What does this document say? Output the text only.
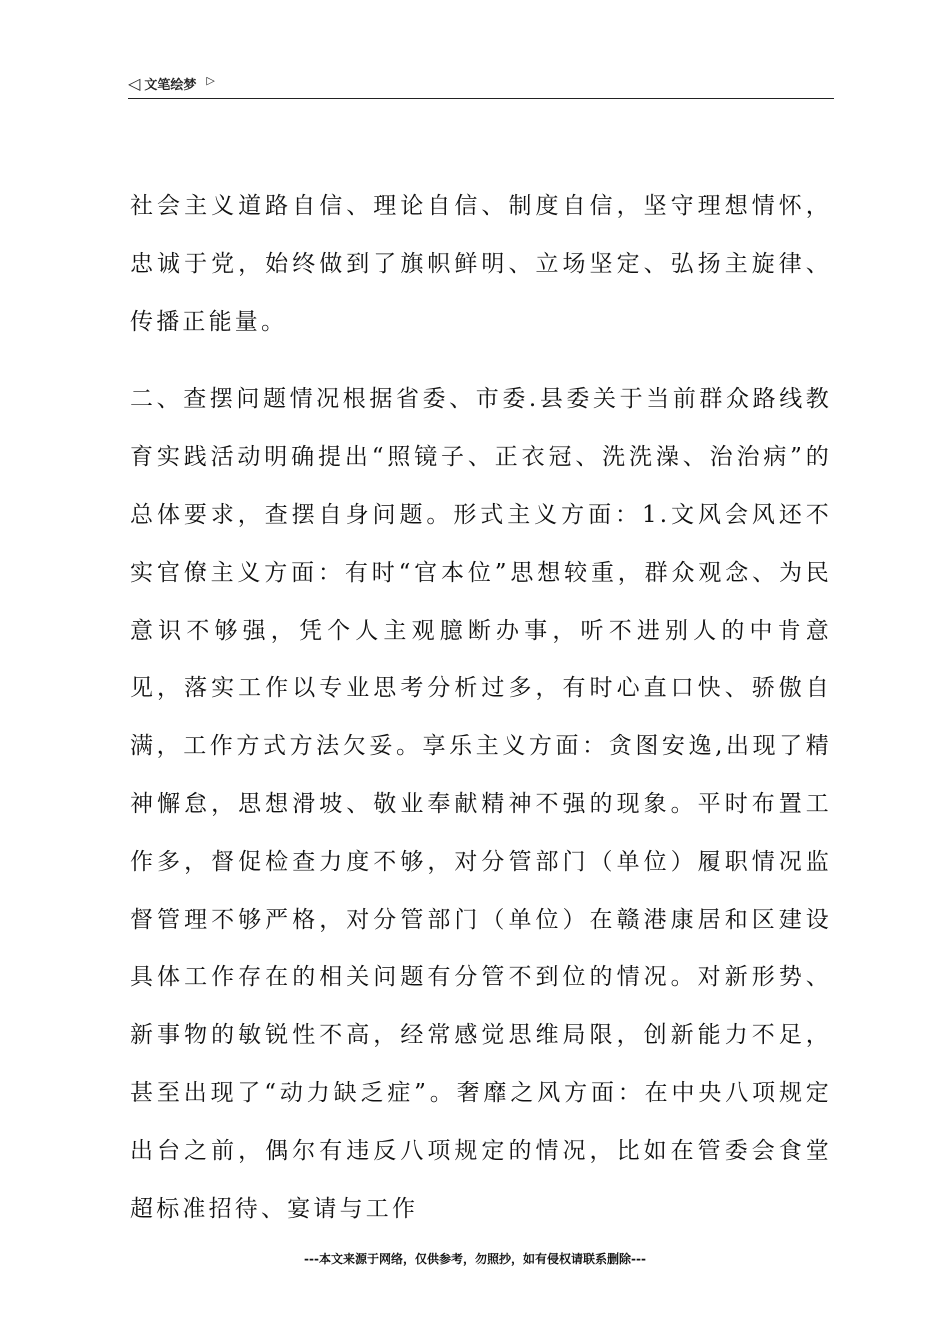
◁ 文笔绘梦 ▷

社会主义道路自信、理论自信、制度自信，坚守理想情怀，忠诚于党，始终做到了旗帜鲜明、立场坚定、弘扬主旋律、传播正能量。

二、查摆问题情况根据省委、市委.县委关于当前群众路线教育实践活动明确提出“照镜子、正衣冠、洗洗澡、治治病”的总体要求，查摆自身问题。形式主义方面：1.文风会风还不实官僚主义方面：有时“官本位”思想较重，群众观念、为民意识不够强，凭个人主观臆断办事，听不进别人的中肯意见，落实工作以专业思考分析过多，有时心直口快、骄傲自满，工作方式方法欠妥。享乐主义方面：贪图安逸,出现了精神懈怠，思想滑坡、敬业奉献精神不强的现象。平时布置工作多，督促检查力度不够，对分管部门（单位）履职情况监督管理不够严格，对分管部门（单位）在赣港康居和区建设具体工作存在的相关问题有分管不到位的情况。对新形势、新事物的敏锐性不高，经常感觉思维局限，创新能力不足，甚至出现了“动力缺乏症”。奢靡之风方面：在中央八项规定出台之前，偶尔有违反八项规定的情况，比如在管委会食堂超标准招待、宴请与工作

---本文来源于网络，仅供参考，勿照抄，如有侵权请联系删除---
